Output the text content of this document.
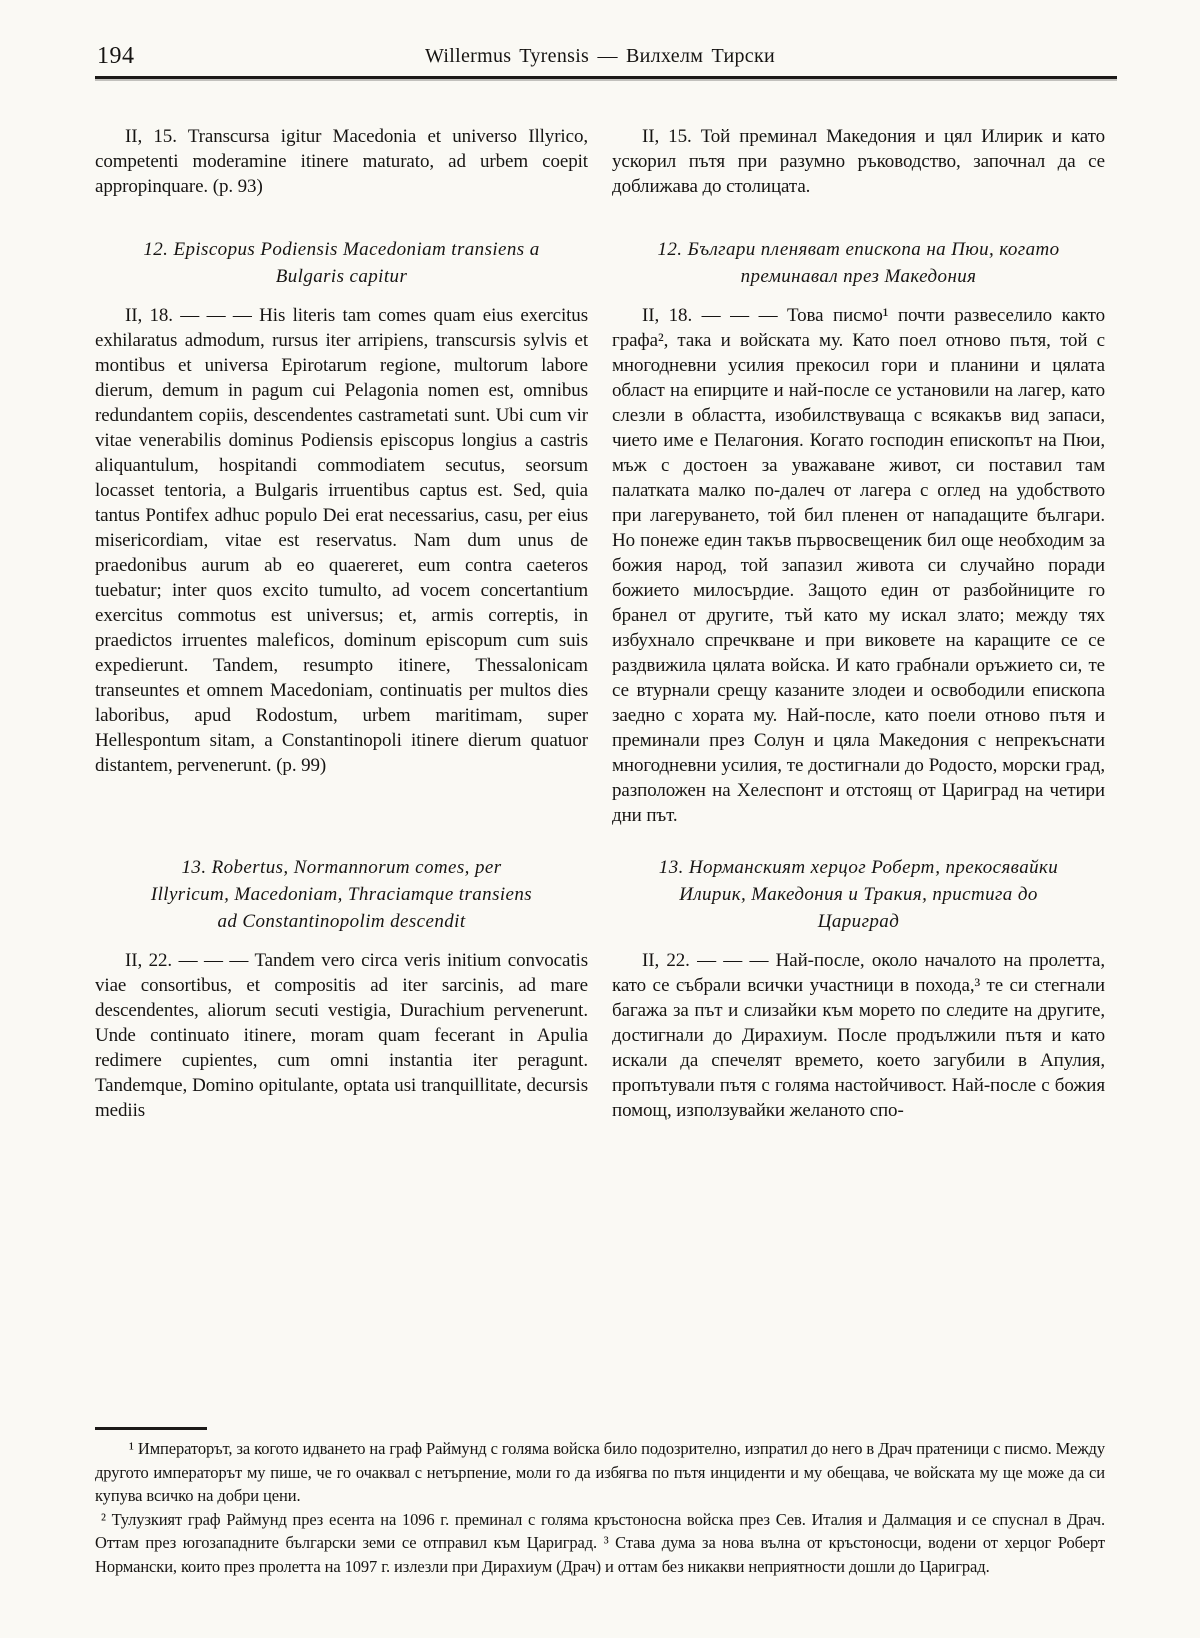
194	Willermus Tyrensis — Вилхелм Тирски

II, 15. Transcursa igitur Macedonia et universo Illyrico, competenti moderamine itinere maturato, ad urbem coepit appropinquare. (p. 93)

II, 15. Той преминал Македония и цял Илирик и като ускорил пътя при разумно ръководство, започнал да се доближава до столицата.

12. Episcopus Podiensis Macedoniam transiens a Bulgaris capitur
12. Българи пленяват епископа на Пюи, когато преминавал през Македония

II, 18. — — — His literis tam comes quam eius exercitus exhilaratus admodum, rursus iter arripiens, transcursis sylvis et montibus et universa Epirotarum regione, multorum labore dierum, demum in pagum cui Pelagonia nomen est, omnibus redundantem copiis, descendentes castrametati sunt. Ubi cum vir vitae venerabilis dominus Podiensis episcopus longius a castris aliquantulum, hospitandi commodiatem secutus, seorsum locasset tentoria, a Bulgaris irruentibus captus est. Sed, quia tantus Pontifex adhuc populo Dei erat necessarius, casu, per eius misericordiam, vitae est reservatus. Nam dum unus de praedonibus aurum ab eo quaereret, eum contra caeteros tuebatur; inter quos excito tumulto, ad vocem concertantium exercitus commotus est universus; et, armis correptis, in praedictos irruentes maleficos, dominum episcopum cum suis expedierunt. Tandem, resumpto itinere, Thessalonicam transeuntes et omnem Macedoniam, continuatis per multos dies laboribus, apud Rodostum, urbem maritimam, super Hellespontum sitam, a Constantinopoli itinere dierum quatuor distantem, pervenerunt. (p. 99)

II, 18. — — — Това писмо¹ почти развеселило както графа², така и войската му. Като поел отново пътя, той с многодневни усилия прекосил гори и планини и цялата област на епирците и най-после се установили на лагер, като слезли в областта, изобилствуваща с всякакъв вид запаси, чието име е Пелагония. Когато господин епископът на Пюи, мъж с достоен за уважаване живот, си поставил там палатката малко по-далеч от лагера с оглед на удобството при лагеруването, той бил пленен от нападащите българи. Но понеже един такъв първосвещеник бил още необходим за божия народ, той запазил живота си случайно поради божието милосърдие. Защото един от разбойниците го бранел от другите, тъй като му искал злато; между тях избухнало спречкване и при виковете на каращите се се раздвижила цялата войска. И като грабнали оръжието си, те се втурнали срещу казаните злодеи и освободили епископа заедно с хората му. Най-после, като поели отново пътя и преминали през Солун и цяла Македония с непрекъснати многодневни усилия, те достигнали до Родосто, морски град, разположен на Хелеспонт и отстоящ от Цариград на четири дни път.

13. Robertus, Normannorum comes, per Illyricum, Macedoniam, Thraciamque transiens ad Constantinopolim descendit
13. Норманският херцог Роберт, прекосявайки Илирик, Македония и Тракия, пристига до Цариград

II, 22. — — — Tandem vero circa veris initium convocatis viae consortibus, et compositis ad iter sarcinis, ad mare descendentes, aliorum secuti vestigia, Durachium pervenerunt. Unde continuato itinere, moram quam fecerant in Apulia redimere cupientes, cum omni instantia iter peragunt. Tandemque, Domino opitulante, optata usi tranquillitate, decursis mediis

II, 22. — — — Най-после, около началото на пролетта, като се събрали всички участници в похода,³ те си стегнали багажа за път и слизайки към морето по следите на другите, достигнали до Дирахиум. После продължили пътя и като искали да спечелят времето, което загубили в Апулия, пропътували пътя с голяма настойчивост. Най-после с божия помощ, използувайки желаното спо-

¹ Императорът, за когото идването на граф Раймунд с голяма войска било подозрително, изпратил до него в Драч пратеници с писмо. Между другото императорът му пише, че го очаквал с нетърпение, моли го да избягва по пътя инциденти и му обещава, че войската му ще може да си купува всичко на добри цени.

² Тулузкият граф Раймунд през есента на 1096 г. преминал с голяма кръстоносна войска през Сев. Италия и Далмация и се спуснал в Драч. Оттам през югозападните български земи се отправил към Цариград. ³ Става дума за нова вълна от кръстоносци, водени от херцог Роберт Нормански, които през пролетта на 1097 г. излезли при Дирахиум (Драч) и оттам без никакви неприятности дошли до Цариград.
